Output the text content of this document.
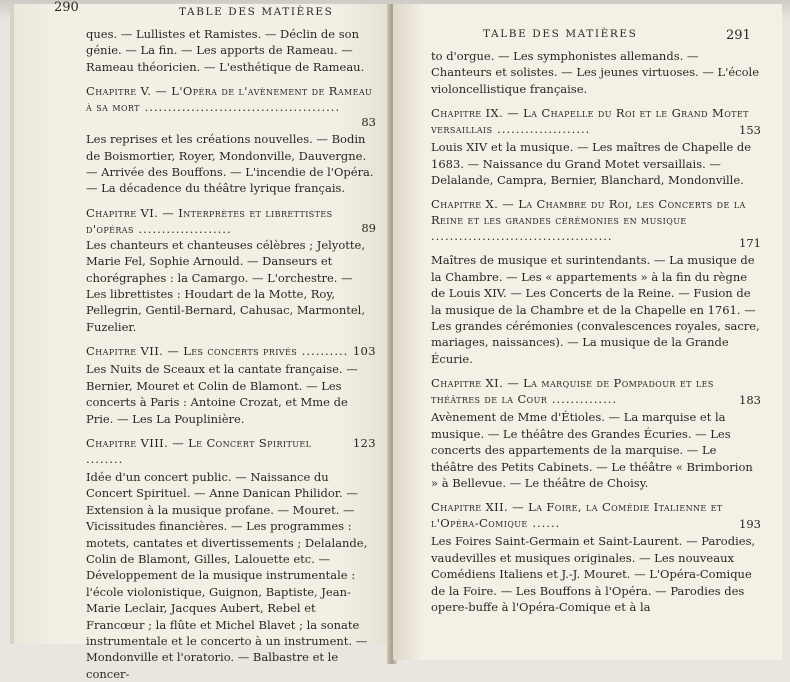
290	TABLE DES MATIÈRES

ques. — Lullistes et Ramistes. — Déclin de son génie. — La fin. — Les apports de Rameau. — Rameau théoricien. — L'esthétique de Rameau.

Chapitre V. — L'Opéra de l'avènement de Rameau à sa mort ..........................................
83

Les reprises et les créations nouvelles. — Bodin de Boismortier, Royer, Mondonville, Dauvergne. — Arrivée des Bouffons. — L'incendie de l'Opéra. — La décadence du théâtre lyrique français.

Chapitre VI. — Interprètes et librettistes d'opéras ....................	89

Les chanteurs et chanteuses célèbres ; Jelyotte, Marie Fel, Sophie Arnould. — Danseurs et chorégraphes : la Camargo. — L'orchestre. — Les librettistes : Houdart de la Motte, Roy, Pellegrin, Gentil-Bernard, Cahusac, Marmontel, Fuzelier.

Chapitre VII. — Les concerts privés .......... 103

Les Nuits de Sceaux et la cantate française. — Bernier, Mouret et Colin de Blamont. — Les concerts à Paris : Antoine Crozat, et Mme de Prie. — Les La Pouplinière.

Chapitre VIII. — Le Concert Spirituel ........
123

Idée d'un concert public. — Naissance du Concert Spirituel. — Anne Danican Philidor. — Extension à la musique profane. — Mouret. — Vicissitudes financières. — Les programmes : motets, cantates et divertissements ; Delalande, Colin de Blamont, Gilles, Lalouette etc. — Développement de la musique instrumentale : l'école violonistique, Guignon, Baptiste, Jean-Marie Leclair, Jacques Aubert, Rebel et Francœur ; la flûte et Michel Blavet ; la sonate instrumentale et le concerto à un instrument. — Mondonville et l'oratorio. — Balbastre et le concer-

TALBE DES MATIÈRES	291

to d'orgue. — Les symphonistes allemands. — Chanteurs et solistes. — Les jeunes virtuoses. — L'école violoncellistique française.

Chapitre IX. — La Chapelle du Roi et le Grand Motet versaillais ....................	153

Louis XIV et la musique. — Les maîtres de Chapelle de 1683. — Naissance du Grand Motet versaillais. — Delalande, Campra, Bernier, Blanchard, Mondonville.

Chapitre X. — La Chambre du Roi, les Concerts de la Reine et les grandes cérémonies en musique .......................................	171

Maîtres de musique et surintendants. — La musique de la Chambre. — Les « appartements » à la fin du règne de Louis XIV. — Les Concerts de la Reine. — Fusion de la musique de la Chambre et de la Chapelle en 1761. — Les grandes cérémonies (convalescences royales, sacre, mariages, naissances). — La musique de la Grande Écurie.

Chapitre XI. — La marquise de Pompadour et les théâtres de la Cour ..............	183

Avènement de Mme d'Étioles. — La marquise et la musique. — Le théâtre des Grandes Écuries. — Les concerts des appartements de la marquise. — Le théâtre des Petits Cabinets. — Le théâtre « Brimborion » à Bellevue. — Le théâtre de Choisy.

Chapitre XII. — La Foire, la Comédie Italienne et l'Opéra-Comique ......	193

Les Foires Saint-Germain et Saint-Laurent. — Parodies, vaudevilles et musiques originales. — Les nouveaux Comédiens Italiens et J.-J. Mouret. — L'Opéra-Comique de la Foire. — Les Bouffons à l'Opéra. — Parodies des opere-buffe à l'Opéra-Comique et à la
